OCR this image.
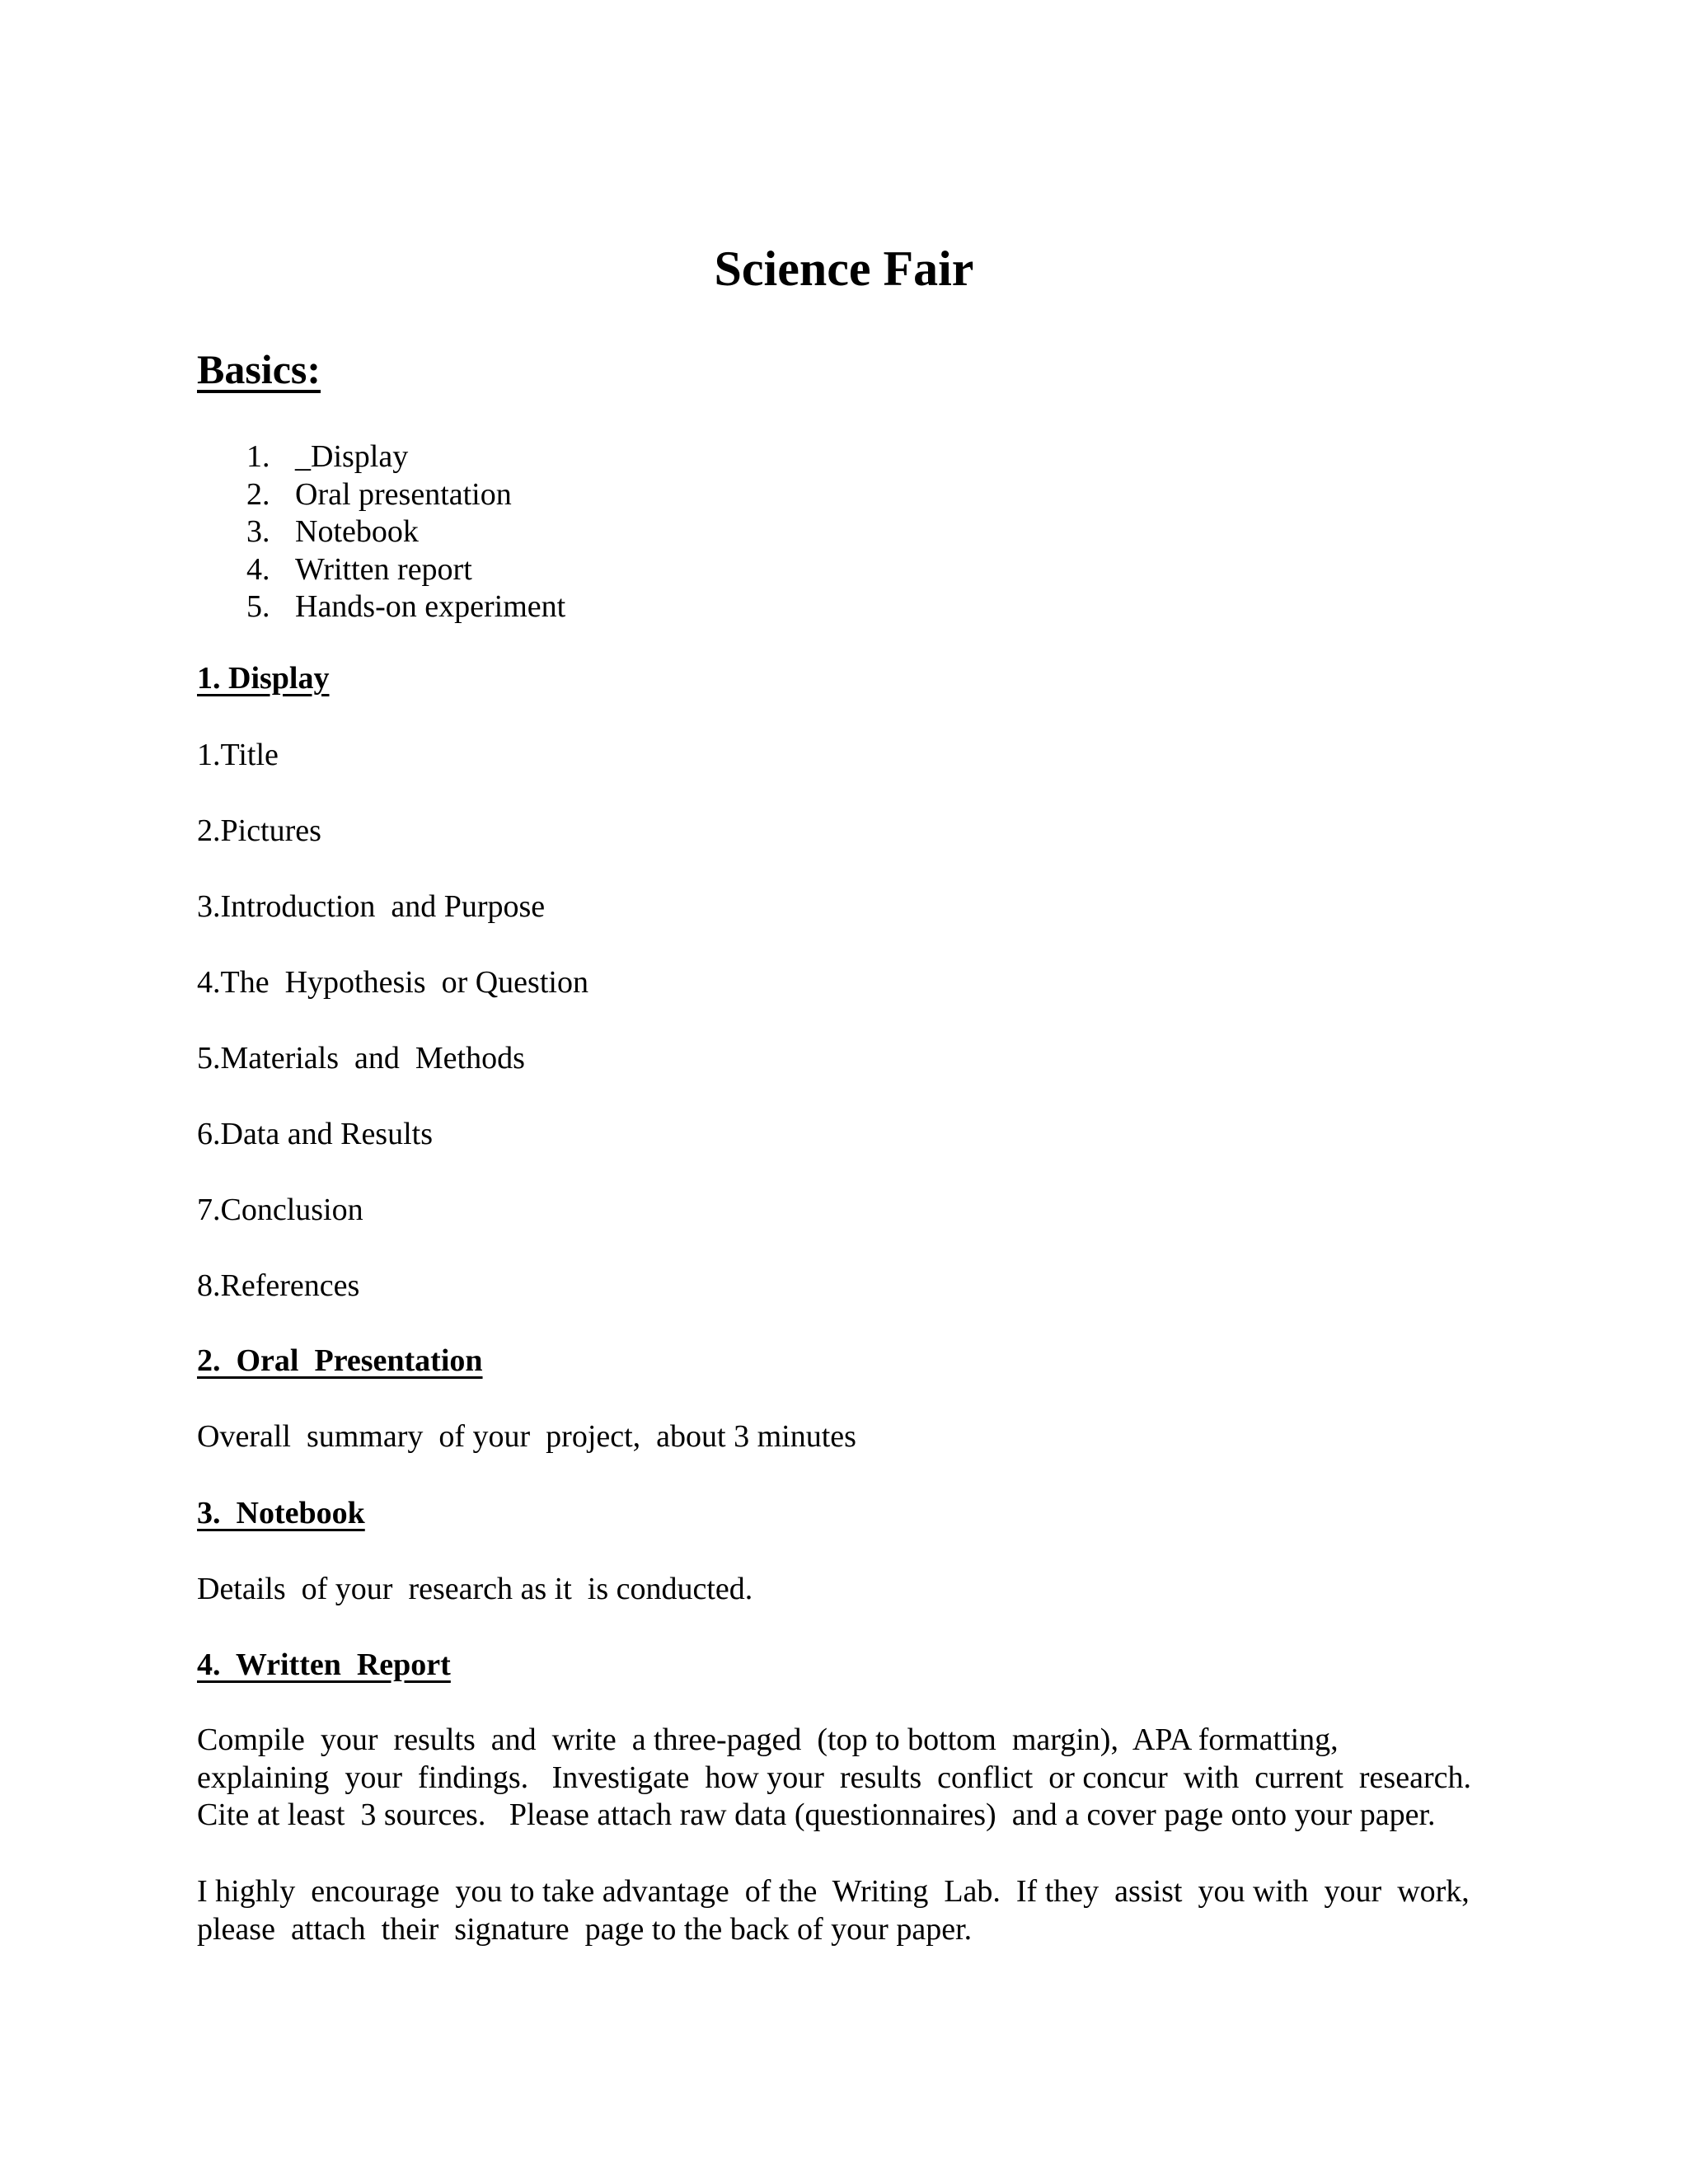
Science Fair
Basics:
1. _Display
2. Oral presentation
3. Notebook
4. Written report
5. Hands-on experiment
1. Display

1.Title

2.Pictures

3.Introduction  and Purpose

4.The  Hypothesis  or Question

5.Materials  and  Methods

6.Data and Results

7.Conclusion

8.References

2.  Oral  Presentation

Overall  summary  of your  project,  about 3 minutes

3.  Notebook

Details  of your  research as it  is conducted.

4.  Written  Report
Compile  your  results  and  write  a three-paged  (top to bottom  margin),  APA formatting,
explaining  your  findings.   Investigate  how your  results  conflict  or concur  with  current  research.
Cite at least  3 sources.   Please attach raw data (questionnaires)  and a cover page onto your paper.
I highly  encourage  you to take advantage  of the  Writing  Lab.  If they  assist  you with  your  work,
please  attach  their  signature  page to the back of your paper.
